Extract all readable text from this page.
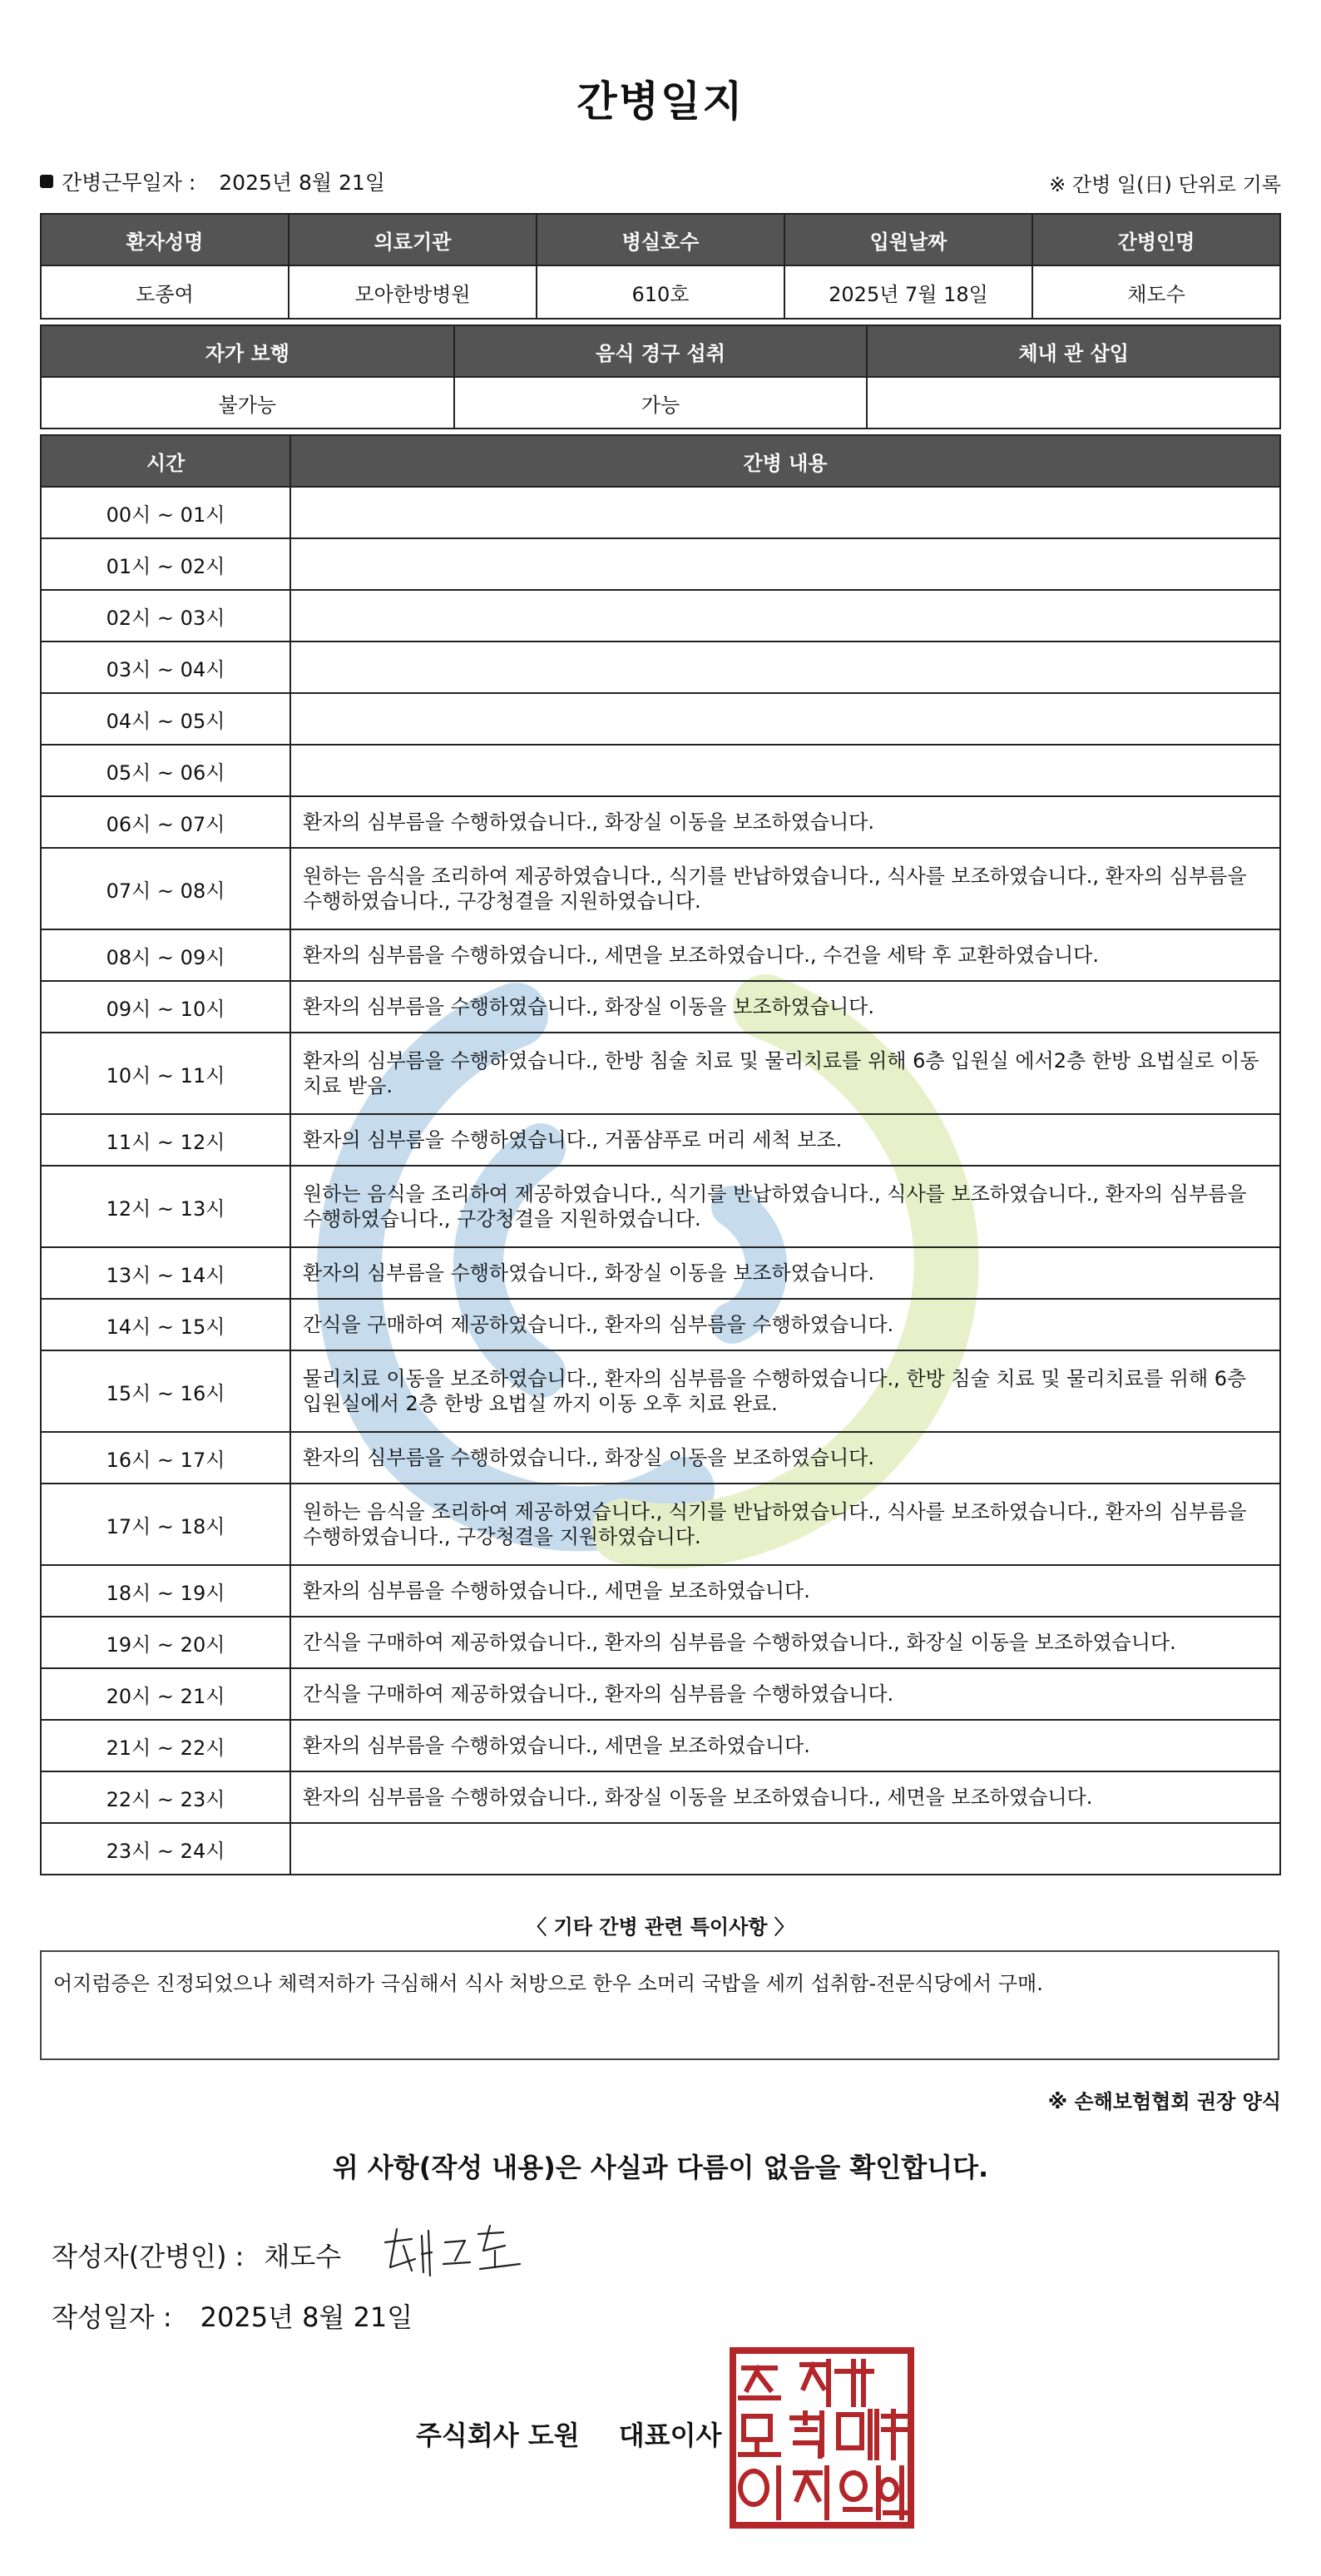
간병일지
간병근무일자 : 2025년 8월 21일	※ 간병 일(日) 단위로 기록
환자성명	의료기관	병실호수	입원날짜	간병인명
도종여	모아한방병원	610호	2025년 7월 18일	채도수
자가 보행	음식 경구 섭취	체내 관 삽입
불가능	가능	
시간	간병 내용
00시 ~ 01시	
01시 ~ 02시	
02시 ~ 03시	
03시 ~ 04시	
04시 ~ 05시	
05시 ~ 06시	
06시 ~ 07시	환자의 심부름을 수행하였습니다., 화장실 이동을 보조하였습니다.
07시 ~ 08시	원하는 음식을 조리하여 제공하였습니다., 식기를 반납하였습니다., 식사를 보조하였습니다., 환자의 심부름을 수행하였습니다., 구강청결을 지원하였습니다.
08시 ~ 09시	환자의 심부름을 수행하였습니다., 세면을 보조하였습니다., 수건을 세탁 후 교환하였습니다.
09시 ~ 10시	환자의 심부름을 수행하였습니다., 화장실 이동을 보조하였습니다.
10시 ~ 11시	환자의 심부름을 수행하였습니다., 한방 침술 치료 및 물리치료를 위해 6층 입원실 에서2층 한방 요법실로 이동 치료 받음.
11시 ~ 12시	환자의 심부름을 수행하였습니다., 거품샴푸로 머리 세척 보조.
12시 ~ 13시	원하는 음식을 조리하여 제공하였습니다., 식기를 반납하였습니다., 식사를 보조하였습니다., 환자의 심부름을 수행하였습니다., 구강청결을 지원하였습니다.
13시 ~ 14시	환자의 심부름을 수행하였습니다., 화장실 이동을 보조하였습니다.
14시 ~ 15시	간식을 구매하여 제공하였습니다., 환자의 심부름을 수행하였습니다.
15시 ~ 16시	물리치료 이동을 보조하였습니다., 환자의 심부름을 수행하였습니다., 한방 침술 치료 및 물리치료를 위해 6층 입원실에서 2층 한방 요법실 까지 이동 오후 치료 완료.
16시 ~ 17시	환자의 심부름을 수행하였습니다., 화장실 이동을 보조하였습니다.
17시 ~ 18시	원하는 음식을 조리하여 제공하였습니다., 식기를 반납하였습니다., 식사를 보조하였습니다., 환자의 심부름을 수행하였습니다., 구강청결을 지원하였습니다.
18시 ~ 19시	환자의 심부름을 수행하였습니다., 세면을 보조하였습니다.
19시 ~ 20시	간식을 구매하여 제공하였습니다., 환자의 심부름을 수행하였습니다., 화장실 이동을 보조하였습니다.
20시 ~ 21시	간식을 구매하여 제공하였습니다., 환자의 심부름을 수행하였습니다.
21시 ~ 22시	환자의 심부름을 수행하였습니다., 세면을 보조하였습니다.
22시 ~ 23시	환자의 심부름을 수행하였습니다., 화장실 이동을 보조하였습니다., 세면을 보조하였습니다.
23시 ~ 24시	
〈 기타 간병 관련 특이사항 〉
어지럼증은 진정되었으나 체력저하가 극심해서 식사 처방으로 한우 소머리 국밥을 세끼 섭취함-전문식당에서 구매.
※ 손해보험협회 권장 양식
위 사항(작성 내용)은 사실과 다름이 없음을 확인합니다.
작성자(간병인) : 채도수
작성일자 : 2025년 8월 21일
주식회사 도원 대표이사
